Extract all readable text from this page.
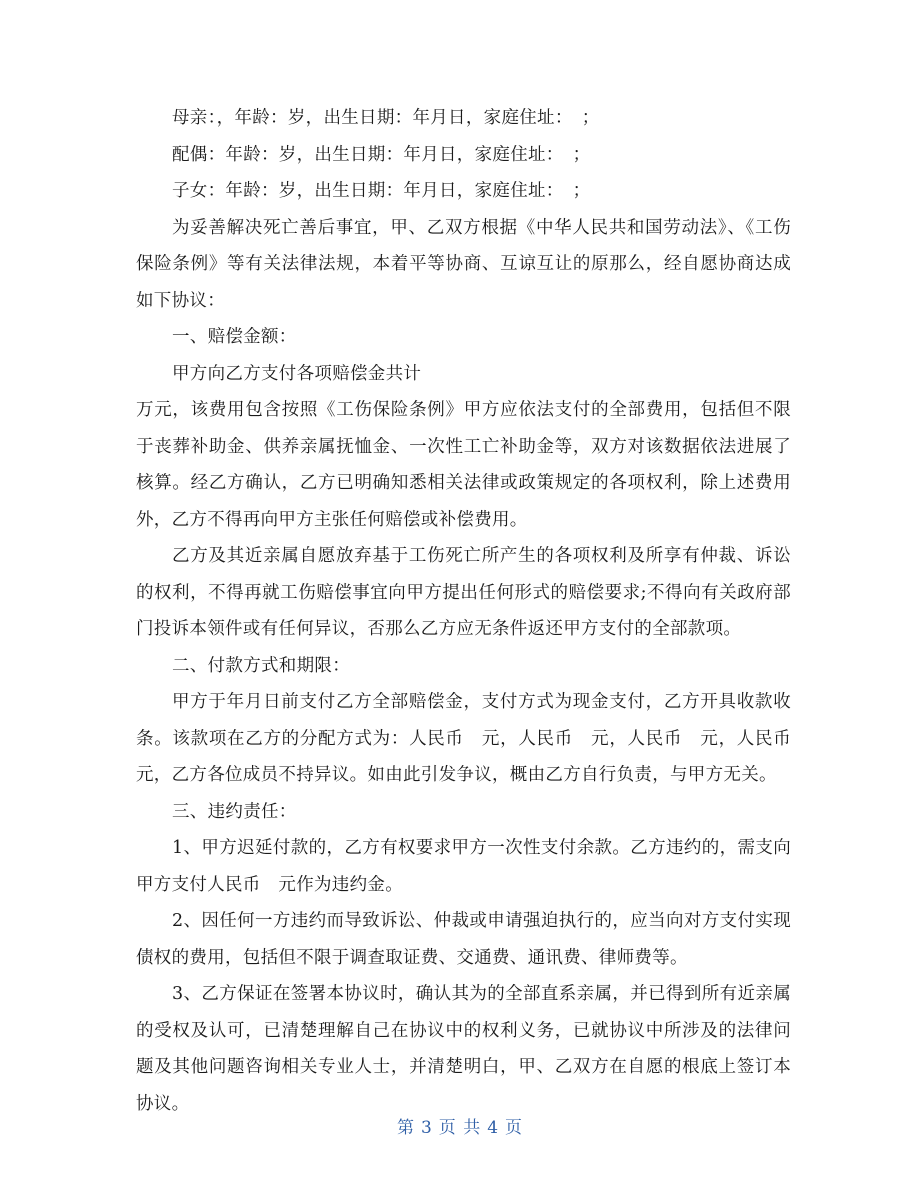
母亲：，年龄：岁，出生日期：年月日，家庭住址：　；

配偶：年龄：岁，出生日期：年月日，家庭住址：　；

子女：年龄：岁，出生日期：年月日，家庭住址：　；

为妥善解决死亡善后事宜，甲、乙双方根据《中华人民共和国劳动法》、《工伤保险条例》等有关法律法规，本着平等协商、互谅互让的原那么，经自愿协商达成如下协议：

一、赔偿金额：

甲方向乙方支付各项赔偿金共计

万元，该费用包含按照《工伤保险条例》甲方应依法支付的全部费用，包括但不限于丧葬补助金、供养亲属抚恤金、一次性工亡补助金等，双方对该数据依法进展了核算。经乙方确认，乙方已明确知悉相关法律或政策规定的各项权利，除上述费用外，乙方不得再向甲方主张任何赔偿或补偿费用。

乙方及其近亲属自愿放弃基于工伤死亡所产生的各项权利及所享有仲裁、诉讼的权利，不得再就工伤赔偿事宜向甲方提出任何形式的赔偿要求;不得向有关政府部门投诉本领件或有任何异议，否那么乙方应无条件返还甲方支付的全部款项。

二、付款方式和期限：

甲方于年月日前支付乙方全部赔偿金，支付方式为现金支付，乙方开具收款收条。该款项在乙方的分配方式为：人民币　元，人民币　元，人民币　元，人民币元，乙方各位成员不持异议。如由此引发争议，概由乙方自行负责，与甲方无关。

三、违约责任：

1、甲方迟延付款的，乙方有权要求甲方一次性支付余款。乙方违约的，需支向甲方支付人民币　元作为违约金。

2、因任何一方违约而导致诉讼、仲裁或申请强迫执行的，应当向对方支付实现债权的费用，包括但不限于调查取证费、交通费、通讯费、律师费等。

3、乙方保证在签署本协议时，确认其为的全部直系亲属，并已得到所有近亲属的受权及认可，已清楚理解自己在协议中的权利义务，已就协议中所涉及的法律问题及其他问题咨询相关专业人士，并清楚明白，甲、乙双方在自愿的根底上签订本协议。

第 3 页 共 4 页
